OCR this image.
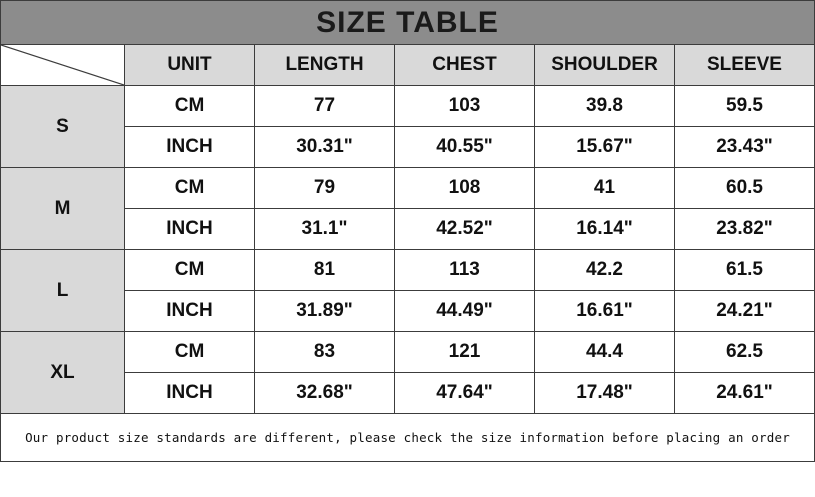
SIZE TABLE
	UNIT	LENGTH	CHEST	SHOULDER	SLEEVE
S	CM	77	103	39.8	59.5
	INCH	30.31"	40.55"	15.67"	23.43"
M	CM	79	108	41	60.5
	INCH	31.1"	42.52"	16.14"	23.82"
L	CM	81	113	42.2	61.5
	INCH	31.89"	44.49"	16.61"	24.21"
XL	CM	83	121	44.4	62.5
	INCH	32.68"	47.64"	17.48"	24.61"
Our product size standards are different, please check the size information before placing an order
